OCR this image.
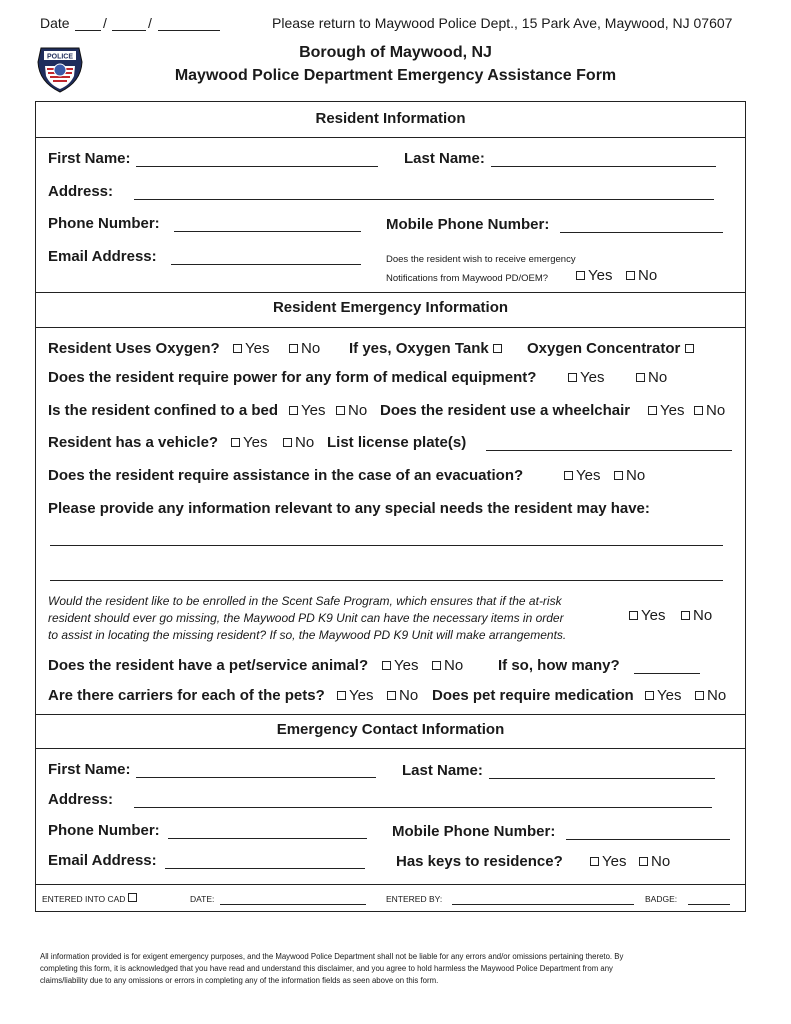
Date /	/	Please return to Maywood Police Dept., 15 Park Ave, Maywood, NJ 07607
POLICE	Borough of Maywood, NJ
Maywood Police Department Emergency Assistance Form
Resident Information
First Name:	Last Name:
Address:
Phone Number:	Mobile Phone Number:
Email Address:	Does the resident wish to receive emergency
Notifications from Maywood PD/OEM?	Yes	No
Resident Emergency Information
Resident Uses Oxygen?	Yes	No If yes, Oxygen Tank	Oxygen Concentrator
Does the resident require power for any form of medical equipment?	Yes	No
Is the resident confined to a bed	Yes	No Does the resident use a wheelchair	Yes	No
Resident has a vehicle?	Yes	No List license plate(s)
Does the resident require assistance in the case of an evacuation?	Yes	No
Please provide any information relevant to any special needs the resident may have:
Would the resident like to be enrolled in the Scent Safe Program, which ensures that if the at-risk
resident should ever go missing, the Maywood PD K9 Unit can have the necessary items in order
to assist in locating the missing resident? If so, the Maywood PD K9 Unit will make arrangements.
Yes	No
Does the resident have a pet/service animal?	Yes	No If so, how many?
Are there carriers for each of the pets?	Yes	No Does pet require medication	Yes	No
Emergency Contact Information
First Name:	Last Name:
Address:
Phone Number:	Mobile Phone Number:
Email Address:	Has keys to residence?	Yes	No
ENTERED INTO CAD	DATE:	ENTERED BY:	BADGE:
All information provided is for exigent emergency purposes, and the Maywood Police Department shall not be liable for any errors and/or omissions pertaining thereto. By
completing this form, it is acknowledged that you have read and understand this disclaimer, and you agree to hold harmless the Maywood Police Department from any
claims/liability due to any omissions or errors in completing any of the information fields as seen above on this form.
